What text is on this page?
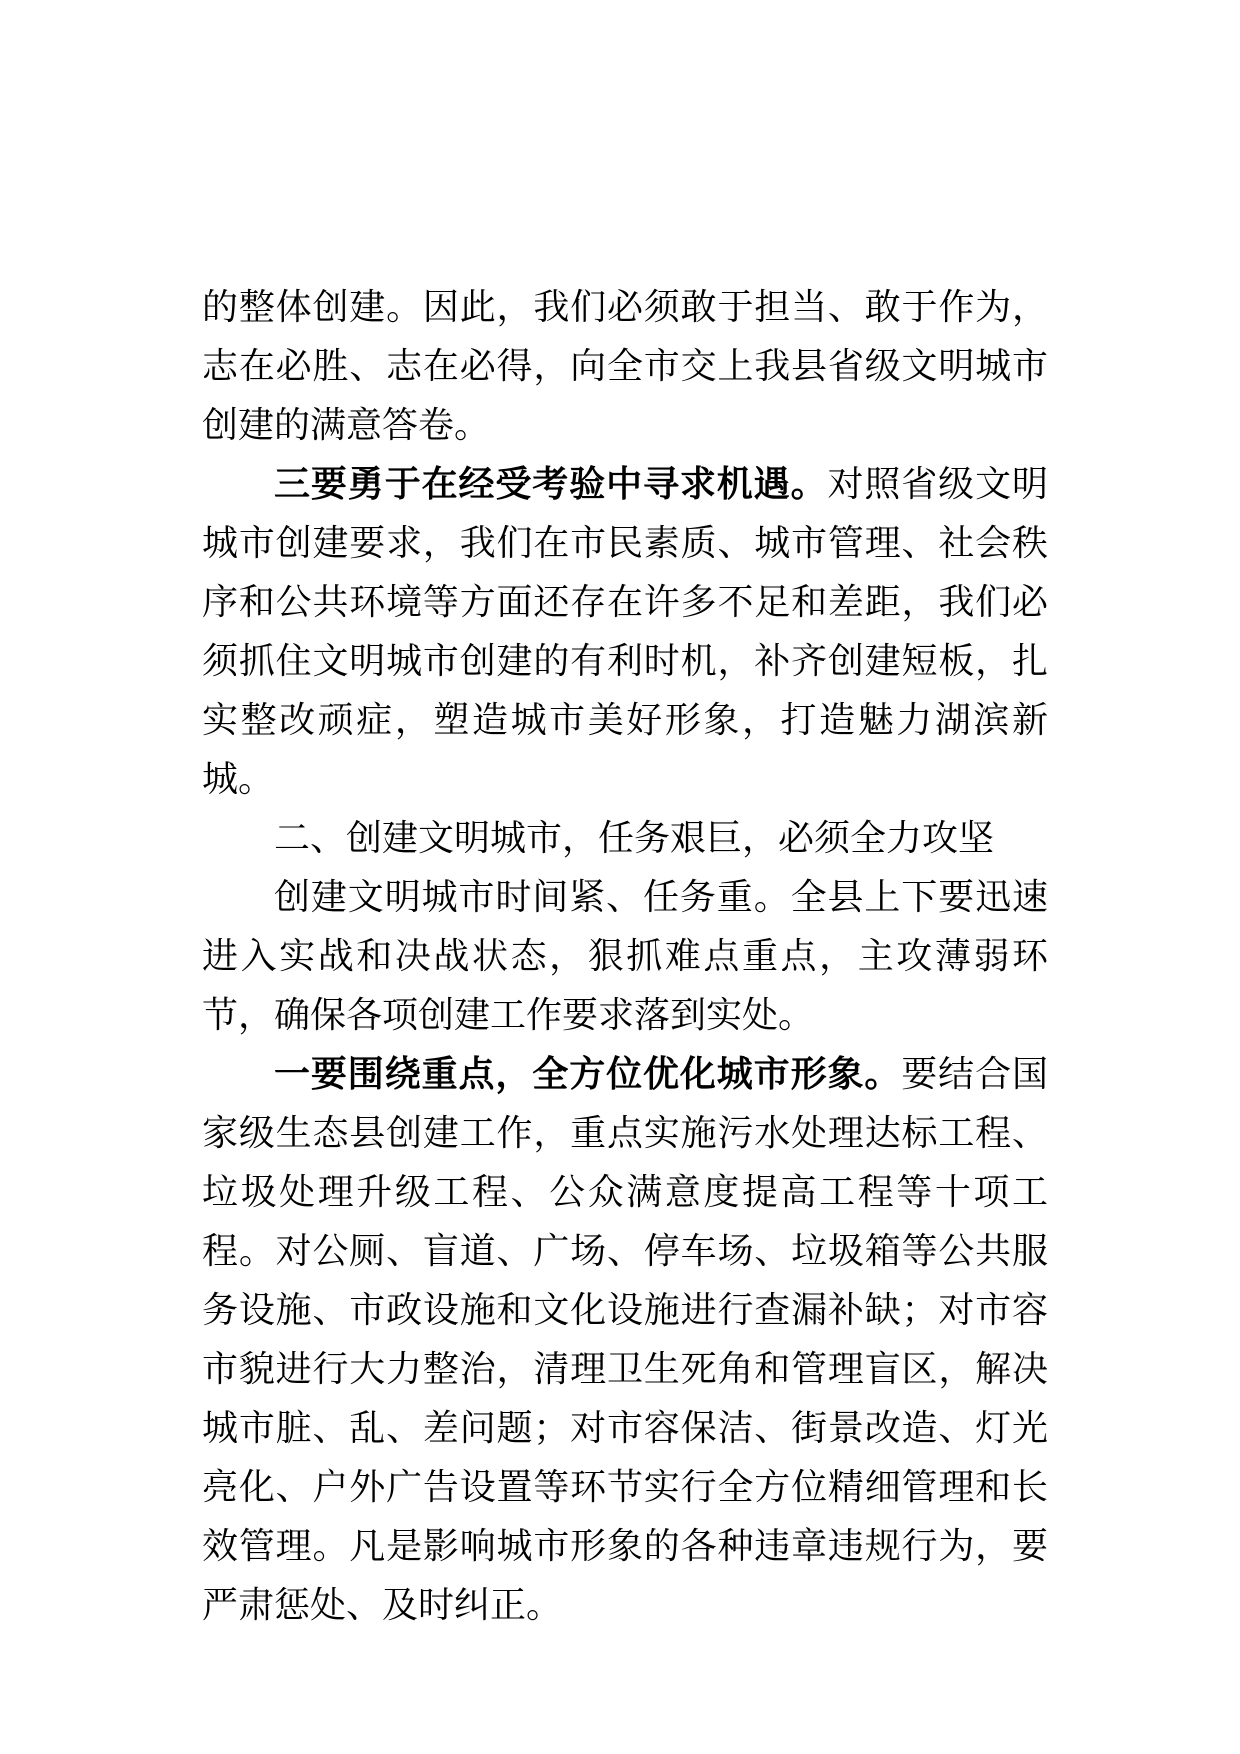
的整体创建。因此，我们必须敢于担当、敢于作为，志在必胜、志在必得，向全市交上我县省级文明城市创建的满意答卷。

三要勇于在经受考验中寻求机遇。对照省级文明城市创建要求，我们在市民素质、城市管理、社会秩序和公共环境等方面还存在许多不足和差距，我们必须抓住文明城市创建的有利时机，补齐创建短板，扎实整改顽症，塑造城市美好形象，打造魅力湖滨新城。

二、创建文明城市，任务艰巨，必须全力攻坚

创建文明城市时间紧、任务重。全县上下要迅速进入实战和决战状态，狠抓难点重点，主攻薄弱环节，确保各项创建工作要求落到实处。

一要围绕重点，全方位优化城市形象。要结合国家级生态县创建工作，重点实施污水处理达标工程、垃圾处理升级工程、公众满意度提高工程等十项工程。对公厕、盲道、广场、停车场、垃圾箱等公共服务设施、市政设施和文化设施进行查漏补缺；对市容市貌进行大力整治，清理卫生死角和管理盲区，解决城市脏、乱、差问题；对市容保洁、街景改造、灯光亮化、户外广告设置等环节实行全方位精细管理和长效管理。凡是影响城市形象的各种违章违规行为，要严肃惩处、及时纠正。
